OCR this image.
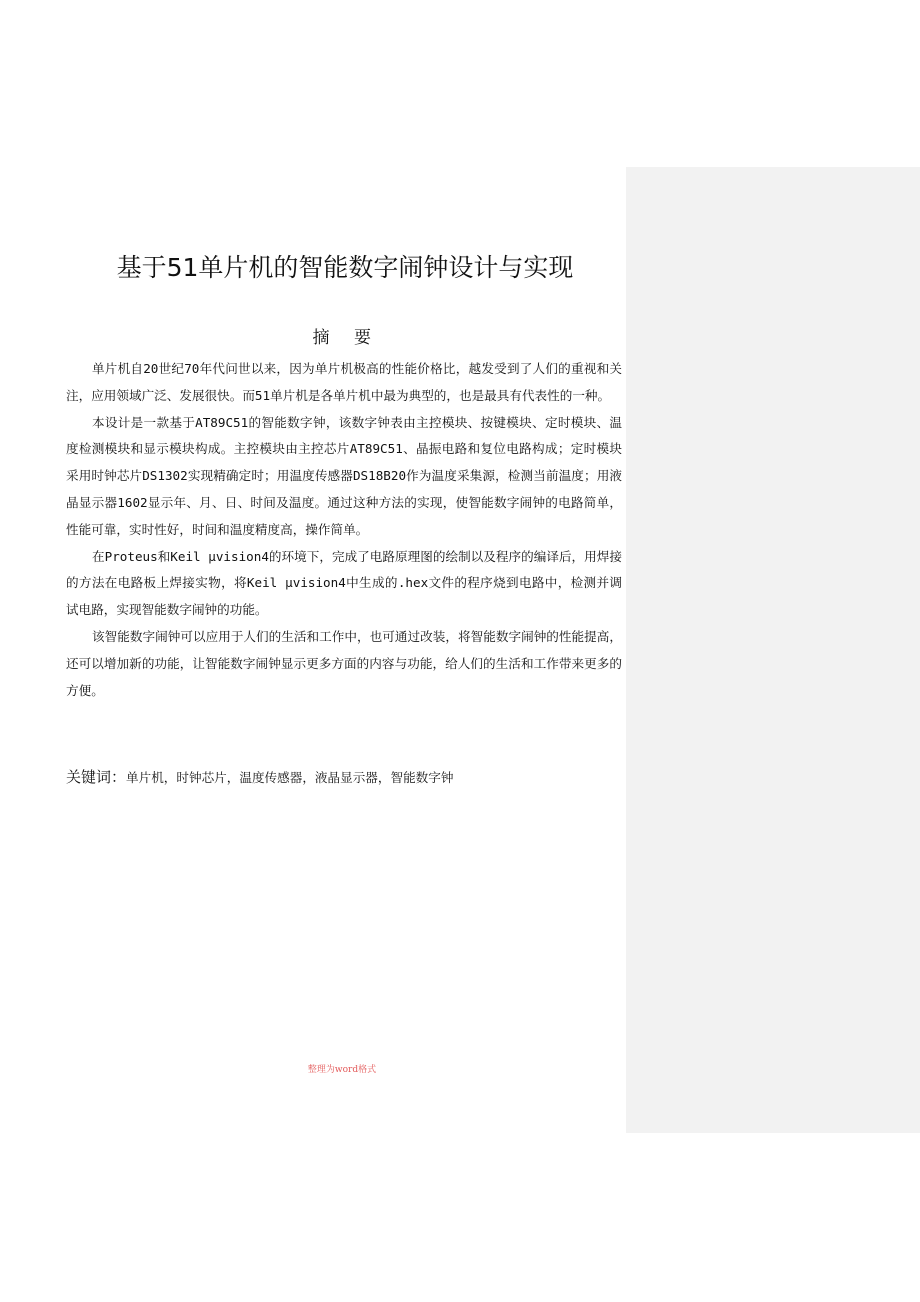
基于51单片机的智能数字闹钟设计与实现
摘 要

单片机自20世纪70年代问世以来，因为单片机极高的性能价格比，越发受到了人们的重视和关注，应用领域广泛、发展很快。而51单片机是各单片机中最为典型的，也是最具有代表性的一种。

本设计是一款基于AT89C51的智能数字钟，该数字钟表由主控模块、按键模块、定时模块、温度检测模块和显示模块构成。主控模块由主控芯片AT89C51、晶振电路和复位电路构成；定时模块采用时钟芯片DS1302实现精确定时；用温度传感器DS18B20作为温度采集源，检测当前温度；用液晶显示器1602显示年、月、日、时间及温度。通过这种方法的实现，使智能数字闹钟的电路简单，性能可靠，实时性好，时间和温度精度高，操作简单。

在Proteus和Keil µvision4的环境下，完成了电路原理图的绘制以及程序的编译后，用焊接的方法在电路板上焊接实物，将Keil µvision4中生成的.hex文件的程序烧到电路中，检测并调试电路，实现智能数字闹钟的功能。

该智能数字闹钟可以应用于人们的生活和工作中，也可通过改装，将智能数字闹钟的性能提高，还可以增加新的功能，让智能数字闹钟显示更多方面的内容与功能，给人们的生活和工作带来更多的方便。

关键词：单片机，时钟芯片，温度传感器，液晶显示器，智能数字钟

整理为word格式
